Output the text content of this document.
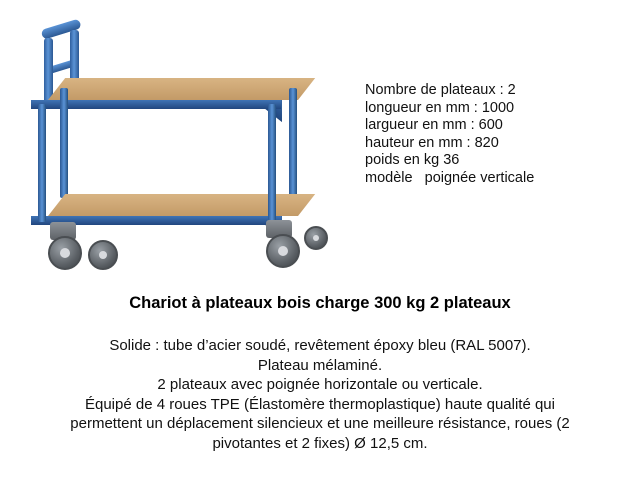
Nombre de plateaux : 2
longueur en mm : 1000
largueur en mm : 600
hauteur en mm : 820
poids en kg 36
modèle   poignée verticale
Chariot à plateaux bois charge 300 kg 2 plateaux

Solide : tube d’acier soudé, revêtement époxy bleu (RAL 5007).

Plateau mélaminé.

2 plateaux avec poignée horizontale ou verticale.

Équipé de 4 roues TPE (Élastomère thermoplastique) haute qualité qui

permettent un déplacement silencieux et une meilleure résistance, roues (2

pivotantes et 2 fixes) Ø 12,5 cm.
